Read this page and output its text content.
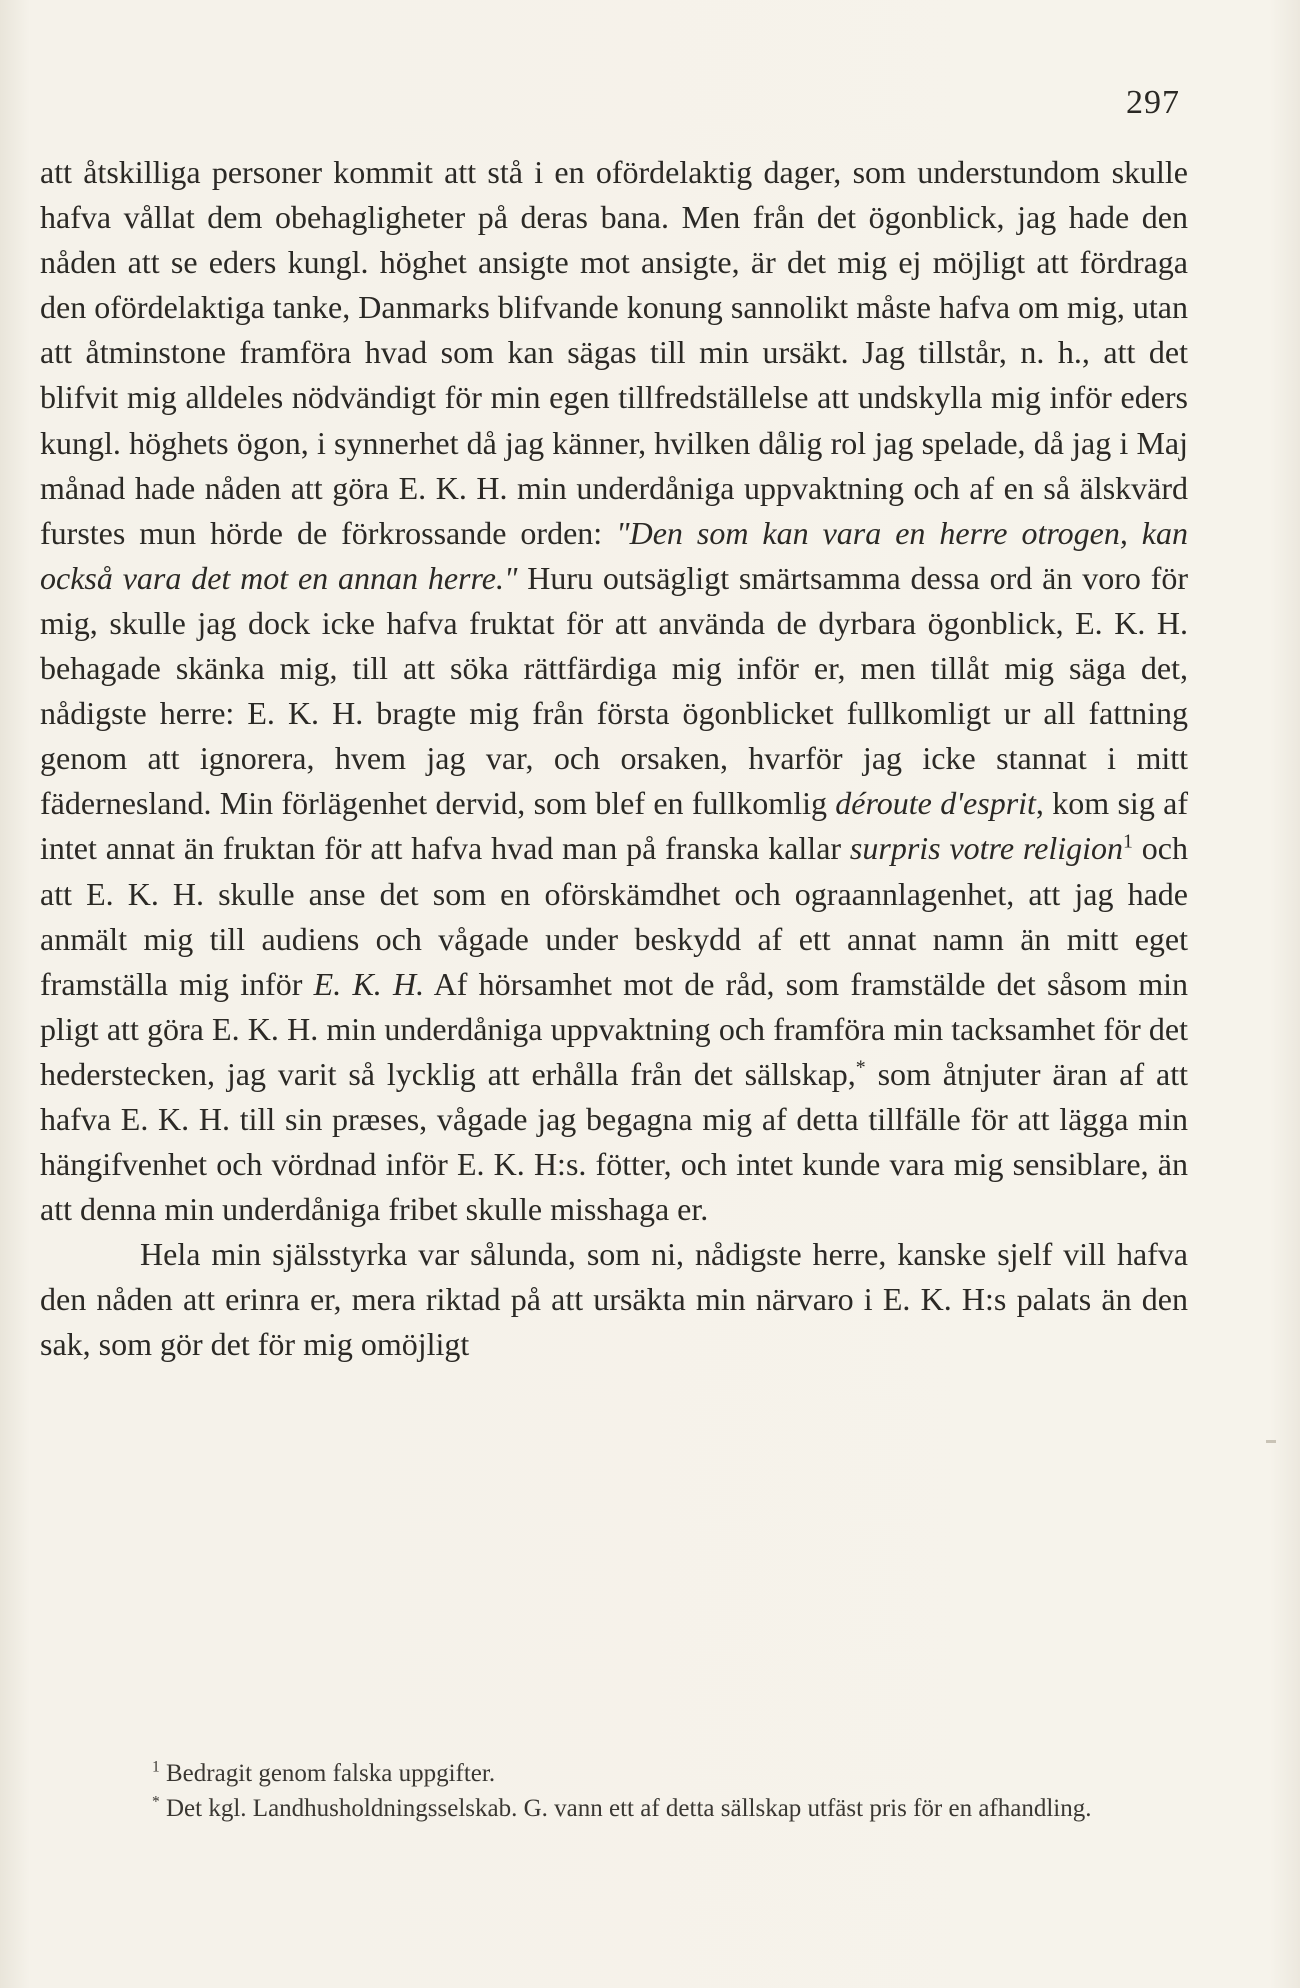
297

att åtskilliga personer kommit att stå i en ofördelaktig dager, som understundom skulle hafva vållat dem obehagligheter på deras bana. Men från det ögonblick, jag hade den nåden att se eders kungl. höghet ansigte mot ansigte, är det mig ej möjligt att fördraga den ofördelaktiga tanke, Danmarks blifvande konung sannolikt måste hafva om mig, utan att åtminstone framföra hvad som kan sägas till min ursäkt. Jag tillstår, n. h., att det blifvit mig alldeles nödvändigt för min egen tillfredställelse att undskylla mig inför eders kungl. höghets ögon, i synnerhet då jag känner, hvilken dålig rol jag spelade, då jag i Maj månad hade nåden att göra E. K. H. min underdåniga uppvaktning och af en så älskvärd furstes mun hörde de förkrossande orden: "Den som kan vara en herre otrogen, kan också vara det mot en annan herre." Huru outsägligt smärtsamma dessa ord än voro för mig, skulle jag dock icke hafva fruktat för att använda de dyrbara ögonblick, E. K. H. behagade skänka mig, till att söka rättfärdiga mig inför er, men tillåt mig säga det, nådigste herre: E. K. H. bragte mig från första ögonblicket fullkomligt ur all fattning genom att ignorera, hvem jag var, och orsaken, hvarför jag icke stannat i mitt fädernesland. Min förlägenhet dervid, som blef en fullkomlig déroute d'esprit, kom sig af intet annat än fruktan för att hafva hvad man på franska kallar surpris votre religion$^1$ och att E. K. H. skulle anse det som en oförskämdhet och ograannlagenhet, att jag hade anmält mig till audiens och vågade under beskydd af ett annat namn än mitt eget framställa mig inför E. K. H. Af hörsamhet mot de råd, som framstälde det såsom min pligt att göra E. K. H. min underdåniga uppvaktning och framföra min tacksamhet för det hederstecken, jag varit så lycklig att erhålla från det sällskap,* som åtnjuter äran af att hafva E. K. H. till sin præses, vågade jag begagna mig af detta tillfälle för att lägga min hängifvenhet och vördnad inför E. K. H:s. fötter, och intet kunde vara mig sensiblare, än att denna min underdåniga fribet skulle misshaga er.

Hela min själsstyrka var sålunda, som ni, nådigste herre, kanske sjelf vill hafva den nåden att erinra er, mera riktad på att ursäkta min närvaro i E. K. H:s palats än den sak, som gör det för mig omöjligt

$^1$ Bedragit genom falska uppgifter.

* Det kgl. Landhusholdningsselskab. G. vann ett af detta sällskap utfäst pris för en afhandling.
